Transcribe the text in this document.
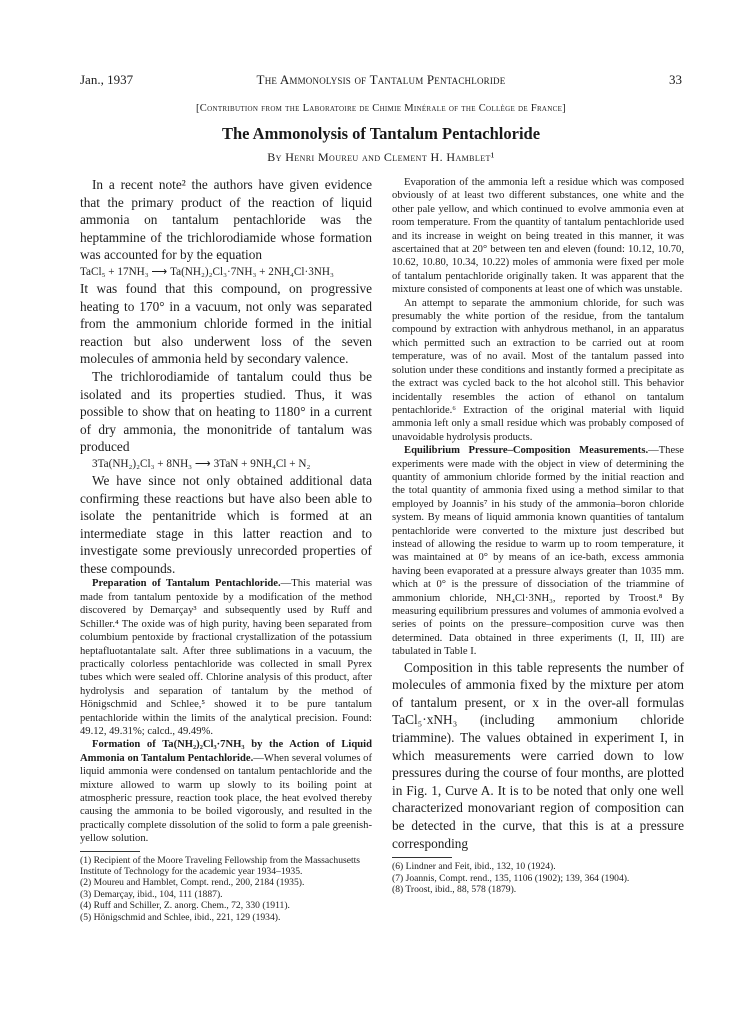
Jan., 1937	The Ammonolysis of Tantalum Pentachloride	33
[Contribution from the Laboratoire de Chimie Minérale of the Collège de France]
The Ammonolysis of Tantalum Pentachloride
By Henri Moureu and Clement H. Hamblet¹

In a recent note² the authors have given evidence that the primary product of the reaction of liquid ammonia on tantalum pentachloride was the heptammine of the trichlorodiamide whose formation was accounted for by the equation

TaCl₅ + 17NH₃ ⟶ Ta(NH₂)₂Cl₃·7NH₃ + 2NH₄Cl·3NH₃

It was found that this compound, on progressive heating to 170° in a vacuum, not only was separated from the ammonium chloride formed in the initial reaction but also underwent loss of the seven molecules of ammonia held by secondary valence.

The trichlorodiamide of tantalum could thus be isolated and its properties studied. Thus, it was possible to show that on heating to 1180° in a current of dry ammonia, the mononitride of tantalum was produced

3Ta(NH₂)₂Cl₃ + 8NH₃ ⟶ 3TaN + 9NH₄Cl + N₂

We have since not only obtained additional data confirming these reactions but have also been able to isolate the pentanitride which is formed at an intermediate stage in this latter reaction and to investigate some previously unrecorded properties of these compounds.

Preparation of Tantalum Pentachloride.—This material was made from tantalum pentoxide by a modification of the method discovered by Demarçay³ and subsequently used by Ruff and Schiller.⁴ The oxide was of high purity, having been separated from columbium pentoxide by fractional crystallization of the potassium heptafluotantalate salt. After three sublimations in a vacuum, the practically colorless pentachloride was collected in small Pyrex tubes which were sealed off. Chlorine analysis of this product, after hydrolysis and separation of tantalum by the method of Hönigschmid and Schlee,⁵ showed it to be pure tantalum pentachloride within the limits of the analytical precision. Found: 49.12, 49.31%; calcd., 49.49%.

Formation of Ta(NH₂)₂Cl₃·7NH₃ by the Action of Liquid Ammonia on Tantalum Pentachloride.—When several volumes of liquid ammonia were condensed on tantalum pentachloride and the mixture allowed to warm up slowly to its boiling point at atmospheric pressure, reaction took place, the heat evolved thereby causing the ammonia to be boiled vigorously, and resulted in the practically complete dissolution of the solid to form a pale greenish-yellow solution.

(1) Recipient of the Moore Traveling Fellowship from the Massachusetts Institute of Technology for the academic year 1934–1935.

(2) Moureu and Hamblet, Compt. rend., 200, 2184 (1935).

(3) Demarçay, ibid., 104, 111 (1887).

(4) Ruff and Schiller, Z. anorg. Chem., 72, 330 (1911).

(5) Hönigschmid and Schlee, ibid., 221, 129 (1934).

Evaporation of the ammonia left a residue which was composed obviously of at least two different substances, one white and the other pale yellow, and which continued to evolve ammonia even at room temperature. From the quantity of tantalum pentachloride used and its increase in weight on being treated in this manner, it was ascertained that at 20° between ten and eleven (found: 10.12, 10.70, 10.62, 10.80, 10.34, 10.22) moles of ammonia were fixed per mole of tantalum pentachloride originally taken. It was apparent that the mixture consisted of components at least one of which was unstable.

An attempt to separate the ammonium chloride, for such was presumably the white portion of the residue, from the tantalum compound by extraction with anhydrous methanol, in an apparatus which permitted such an extraction to be carried out at room temperature, was of no avail. Most of the tantalum passed into solution under these conditions and instantly formed a precipitate as the extract was cycled back to the hot alcohol still. This behavior incidentally resembles the action of ethanol on tantalum pentachloride.⁶ Extraction of the original material with liquid ammonia left only a small residue which was probably composed of unavoidable hydrolysis products.

Equilibrium Pressure–Composition Measurements.—These experiments were made with the object in view of determining the quantity of ammonium chloride formed by the initial reaction and the total quantity of ammonia fixed using a method similar to that employed by Joannis⁷ in his study of the ammonia–boron chloride system. By means of liquid ammonia known quantities of tantalum pentachloride were converted to the mixture just described but instead of allowing the residue to warm up to room temperature, it was maintained at 0° by means of an ice-bath, excess ammonia having been evaporated at a pressure always greater than 1035 mm. which at 0° is the pressure of dissociation of the triammine of ammonium chloride, NH₄Cl·3NH₃, reported by Troost.⁸ By measuring equilibrium pressures and volumes of ammonia evolved a series of points on the pressure–composition curve was then determined. Data obtained in three experiments (I, II, III) are tabulated in Table I.

Composition in this table represents the number of molecules of ammonia fixed by the mixture per atom of tantalum present, or x in the over-all formulas TaCl₅·xNH₃ (including ammonium chloride triammine). The values obtained in experiment I, in which measurements were carried down to low pressures during the course of four months, are plotted in Fig. 1, Curve A. It is to be noted that only one well characterized monovariant region of composition can be detected in the curve, that this is at a pressure corresponding

(6) Lindner and Feit, ibid., 132, 10 (1924).

(7) Joannis, Compt. rend., 135, 1106 (1902); 139, 364 (1904).

(8) Troost, ibid., 88, 578 (1879).
